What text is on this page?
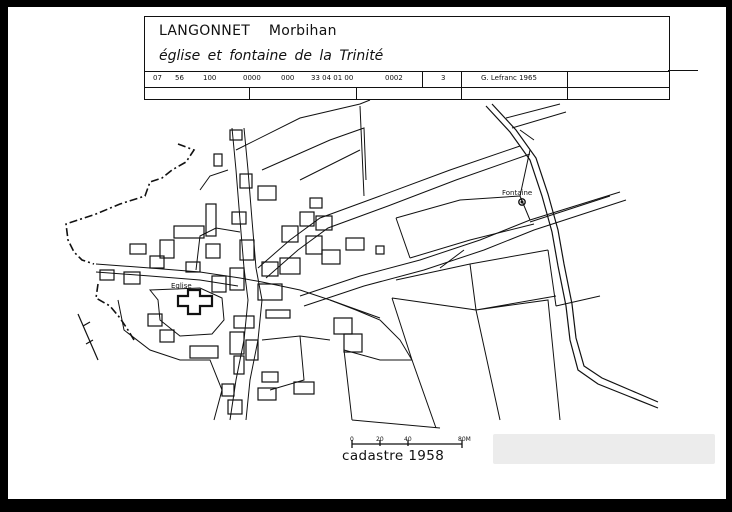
LANGONNET Morbihan
église et fontaine de la Trinité
07 56	100	0000	000 33 04 01 00	0002	3	G. Lefranc 1965
Eglise
Fontaine
0	20	40	80M
cadastre 1958
